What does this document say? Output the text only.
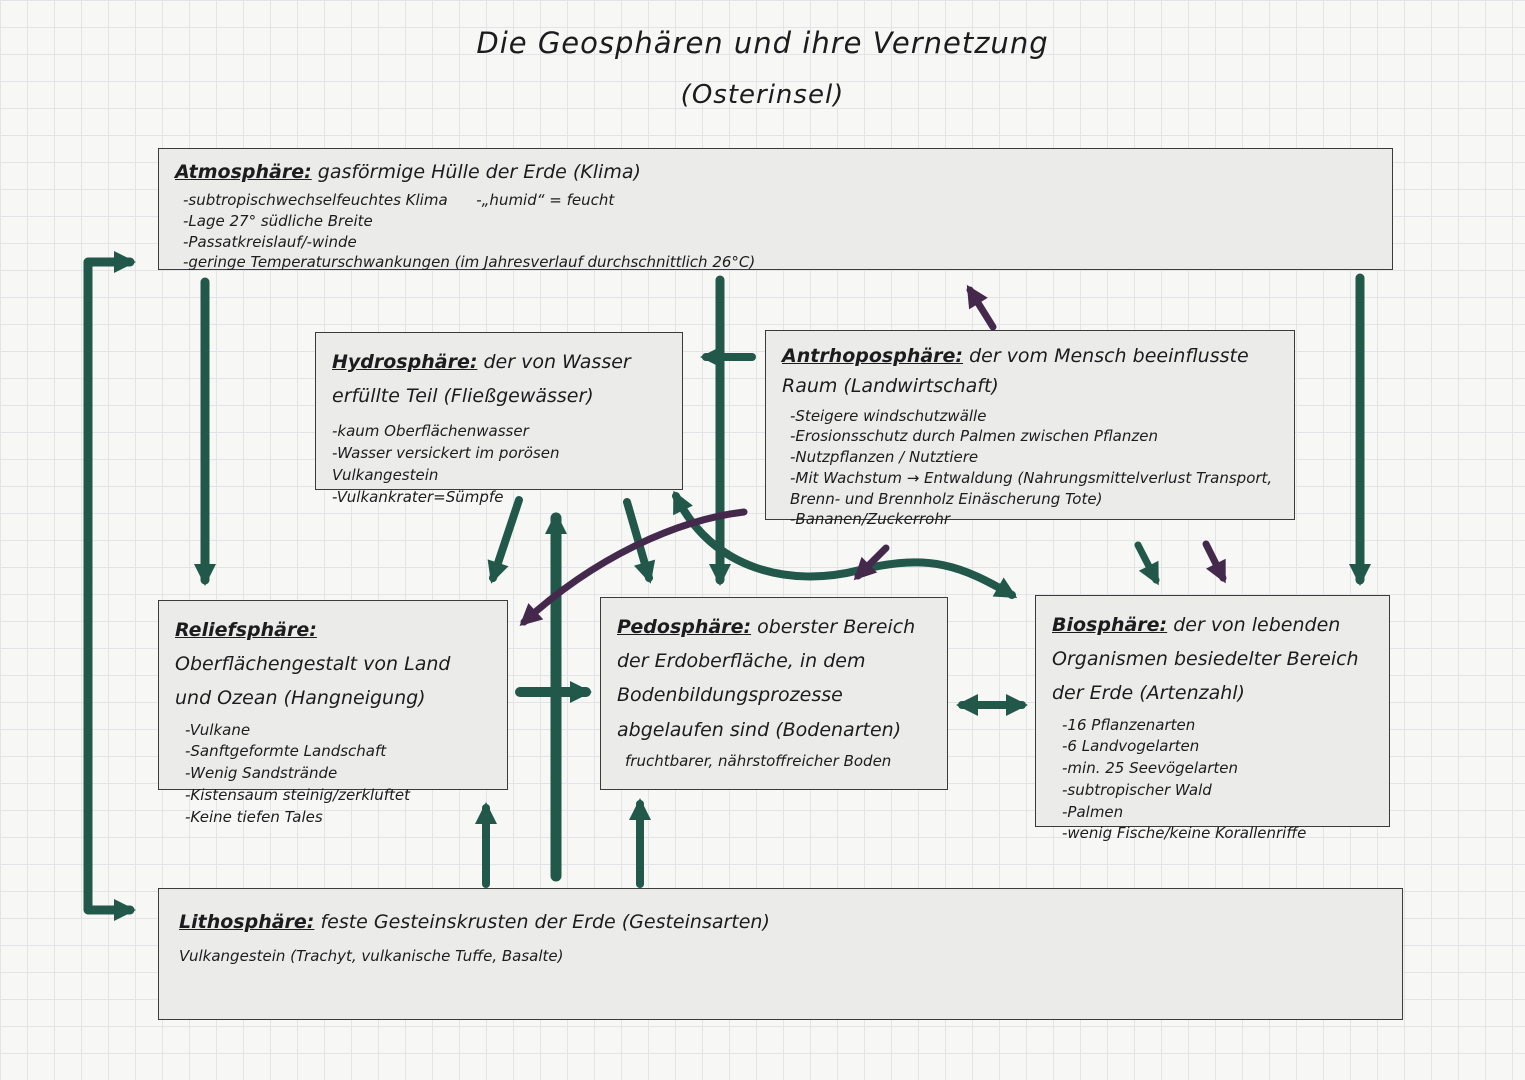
Die Geosphären und ihre Vernetzung
(Osterinsel)
Atmosphäre: gasförmige Hülle der Erde (Klima)
-subtropischwechselfeuchtes Klima      -„humid“ = feucht
-Lage 27° südliche Breite
-Passatkreislauf/-winde
-geringe Temperaturschwankungen (im Jahresverlauf durchschnittlich 26°C)
Hydrosphäre: der von Wasser erfüllte Teil (Fließgewässer)
-kaum Oberflächenwasser
-Wasser versickert im porösen Vulkangestein
-Vulkankrater=Sümpfe
Antrhoposphäre: der vom Mensch beeinflusste Raum (Landwirtschaft)
-Steigere windschutzwälle
-Erosionsschutz durch Palmen zwischen Pflanzen
-Nutzpflanzen / Nutztiere
-Mit Wachstum → Entwaldung (Nahrungsmittelverlust Transport,
Brenn- und Brennholz Einäscherung Tote)
-Bananen/Zuckerrohr
Reliefsphäre: Oberflächengestalt von Land und Ozean (Hangneigung)
-Vulkane
-Sanftgeformte Landschaft
-Wenig Sandstrände
-Kistensaum steinig/zerkluftet
-Keine tiefen Tales
Pedosphäre: oberster Bereich der Erdoberfläche, in dem Bodenbildungsprozesse abgelaufen sind (Bodenarten)
fruchtbarer, nährstoffreicher Boden
Biosphäre: der von lebenden Organismen besiedelter Bereich der Erde (Artenzahl)
-16 Pflanzenarten
-6 Landvogelarten
-min. 25 Seevögelarten
-subtropischer Wald
-Palmen
-wenig Fische/keine Korallenriffe
Lithosphäre: feste Gesteinskrusten der Erde (Gesteinsarten)
Vulkangestein (Trachyt, vulkanische Tuffe, Basalte)
